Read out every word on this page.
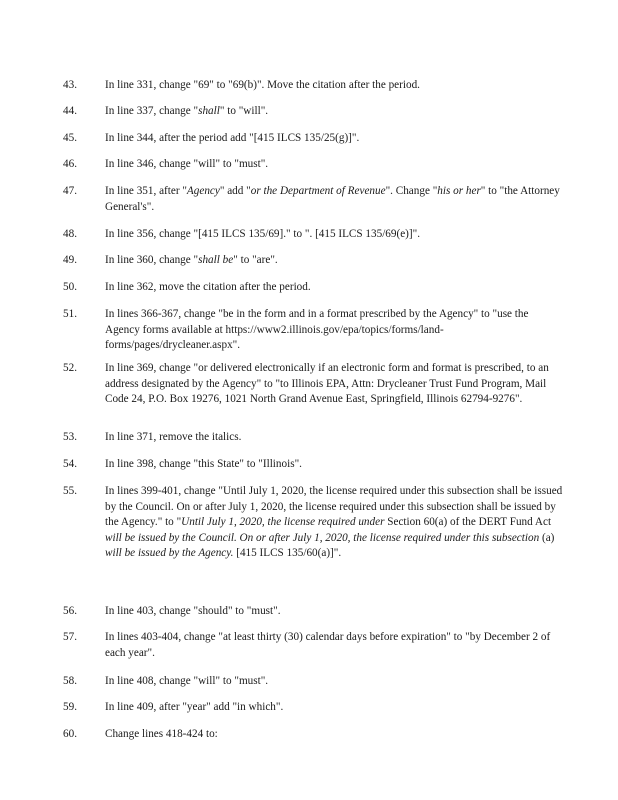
43.	In line 331, change "69" to "69(b)". Move the citation after the period.
44.	In line 337, change "shall" to "will".
45.	In line 344, after the period add "[415 ILCS 135/25(g)]".
46.	In line 346, change "will" to "must".
47.	In line 351, after "Agency" add "or the Department of Revenue". Change "his or her" to "the Attorney General's".
48.	In line 356, change "[415 ILCS 135/69]." to ". [415 ILCS 135/69(e)]".
49.	In line 360, change "shall be" to "are".
50.	In line 362, move the citation after the period.
51.	In lines 366-367, change "be in the form and in a format prescribed by the Agency" to "use the Agency forms available at https://www2.illinois.gov/epa/topics/forms/land-forms/pages/drycleaner.aspx".
52.	In line 369, change "or delivered electronically if an electronic form and format is prescribed, to an address designated by the Agency" to "to Illinois EPA, Attn: Drycleaner Trust Fund Program, Mail Code 24, P.O. Box 19276, 1021 North Grand Avenue East, Springfield, Illinois 62794-9276".
53.	In line 371, remove the italics.
54.	In line 398, change "this State" to "Illinois".
55.	In lines 399-401, change "Until July 1, 2020, the license required under this subsection shall be issued by the Council. On or after July 1, 2020, the license required under this subsection shall be issued by the Agency." to "Until July 1, 2020, the license required under Section 60(a) of the DERT Fund Act will be issued by the Council. On or after July 1, 2020, the license required under this subsection (a) will be issued by the Agency. [415 ILCS 135/60(a)]".
56.	In line 403, change "should" to "must".
57.	In lines 403-404, change "at least thirty (30) calendar days before expiration" to "by December 2 of each year".
58.	In line 408, change "will" to "must".
59.	In line 409, after "year" add "in which".
60.	Change lines 418-424 to:
